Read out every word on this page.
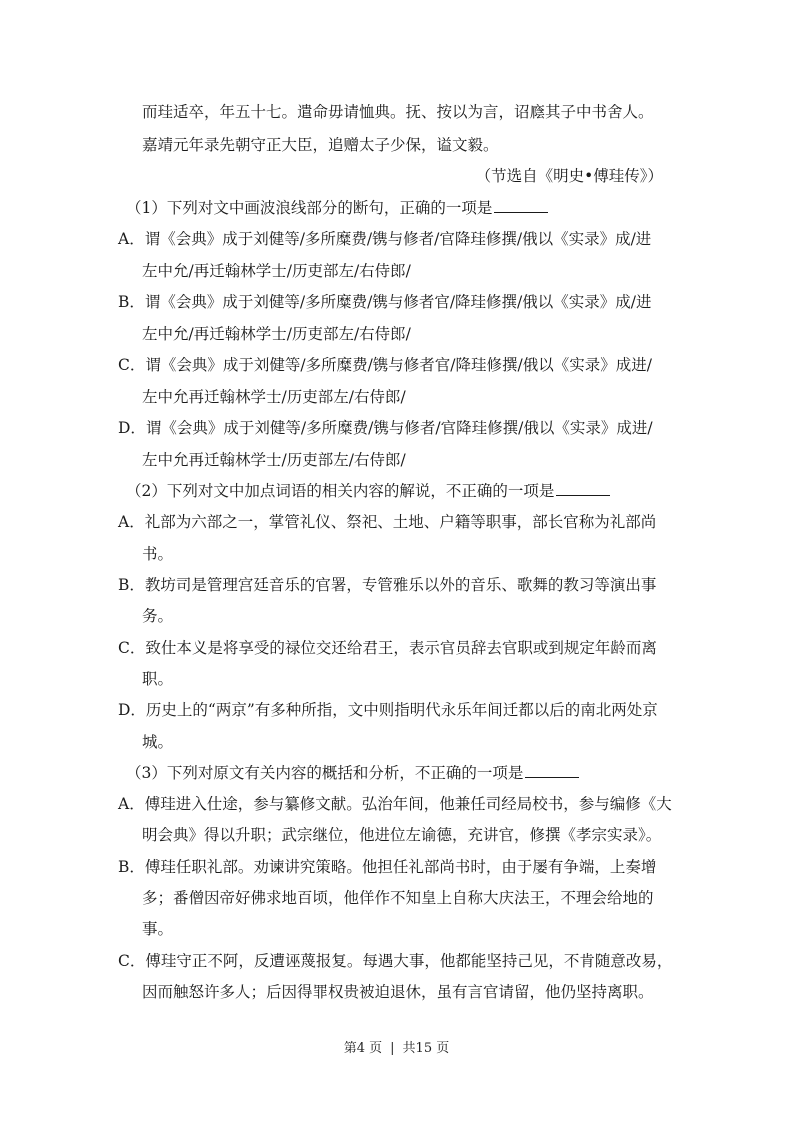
而珪适卒，年五十七。遣命毋请恤典。抚、按以为言，诏廕其子中书舍人。
嘉靖元年录先朝守正大臣，追赠太子少保，谥文毅。
（节选自《明史•傅珪传》）
（1）下列对文中画波浪线部分的断句，正确的一项是
A．谓《会典》成于刘健等/多所糜费/镌与修者/官降珪修撰/俄以《实录》成/进
左中允/再迁翰林学士/历吏部左/右侍郎/
B．谓《会典》成于刘健等/多所糜费/镌与修者官/降珪修撰/俄以《实录》成/进
左中允/再迁翰林学士/历吏部左/右侍郎/
C．谓《会典》成于刘健等/多所糜费/镌与修者官/降珪修撰/俄以《实录》成进/
左中允再迁翰林学士/历吏部左/右侍郎/
D．谓《会典》成于刘健等/多所糜费/镌与修者/官降珪修撰/俄以《实录》成进/
左中允再迁翰林学士/历吏部左/右侍郎/
（2）下列对文中加点词语的相关内容的解说，不正确的一项是
A．礼部为六部之一，掌管礼仪、祭祀、土地、户籍等职事，部长官称为礼部尚
书。
B．教坊司是管理宫廷音乐的官署，专管雅乐以外的音乐、歌舞的教习等演出事
务。
C．致仕本义是将享受的禄位交还给君王，表示官员辞去官职或到规定年龄而离
职。
D．历史上的“两京”有多种所指，文中则指明代永乐年间迁都以后的南北两处京
城。
（3）下列对原文有关内容的概括和分析，不正确的一项是
A．傅珪进入仕途，参与纂修文献。弘治年间，他兼任司经局校书，参与编修《大
明会典》得以升职；武宗继位，他进位左谕德，充讲官，修撰《孝宗实录》。
B．傅珪任职礼部。劝谏讲究策略。他担任礼部尚书时，由于屡有争端，上奏增
多；番僧因帝好佛求地百顷，他佯作不知皇上自称大庆法王，不理会给地的
事。
C．傅珪守正不阿，反遭诬蔑报复。每遇大事，他都能坚持己见，不肯随意改易，
因而触怒许多人；后因得罪权贵被迫退休，虽有言官请留，他仍坚持离职。
第4 页 | 共15 页
